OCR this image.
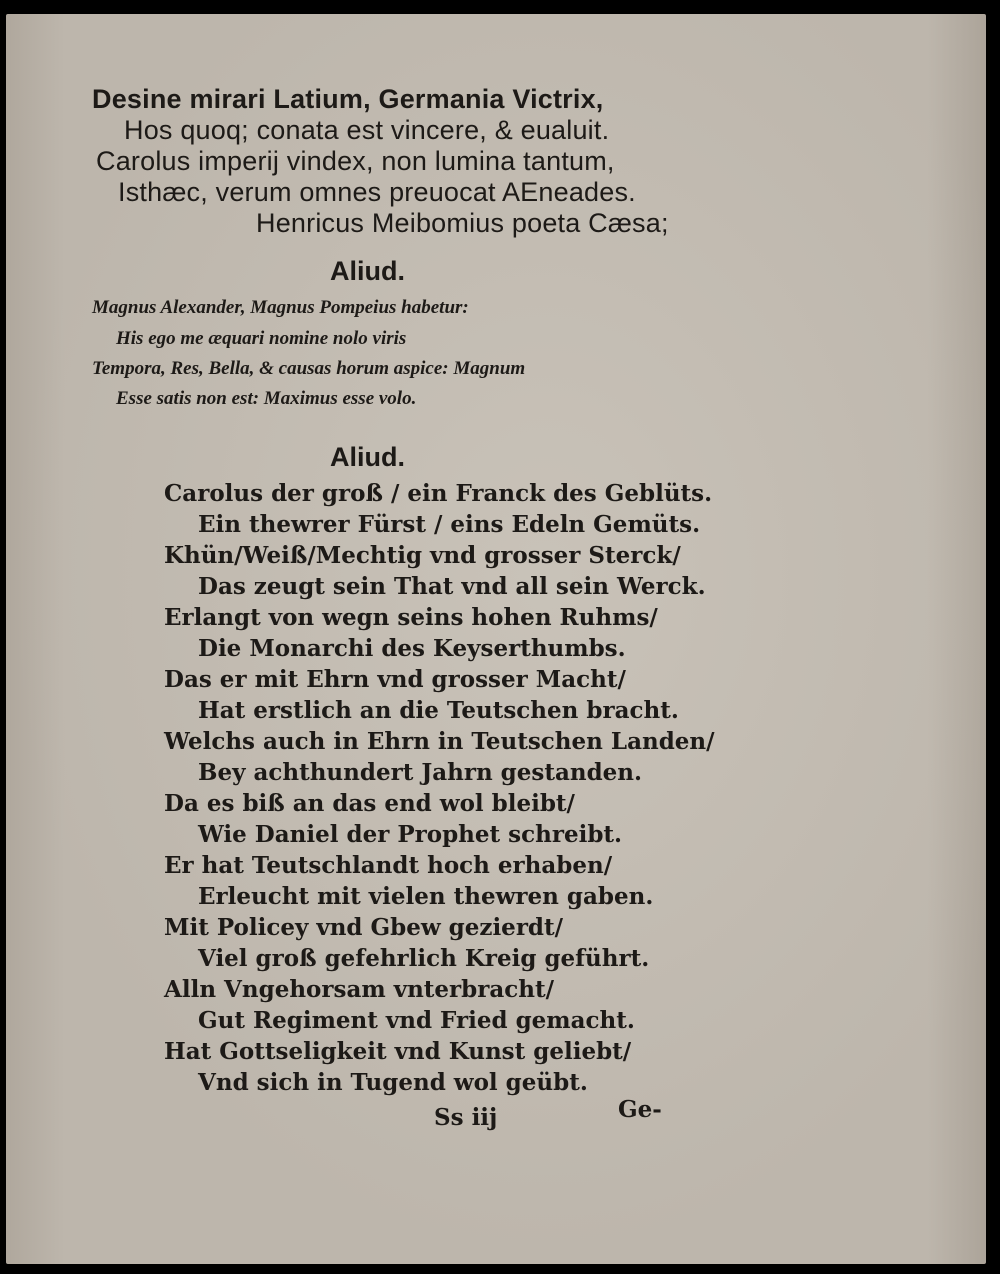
Desine mirari Latium, Germania Victrix,
Hos quoq; conata est vincere, & eualuit.
Carolus imperij vindex, non lumina tantum,
Isthæc, verum omnes preuocat AEneades.
Henricus Meibomius poeta Cæsa;
Aliud.
Magnus Alexander, Magnus Pompeius habetur:
His ego me æquari nomine nolo viris
Tempora, Res, Bella, & causas horum aspice: Magnum
Esse satis non est: Maximus esse volo.
Aliud.
Carolus der groß / ein Franck des Geblüts.
Ein thewrer Fürst / eins Edeln Gemüts.
Khün/Weiß/Mechtig vnd grosser Sterck/
Das zeugt sein That vnd all sein Werck.
Erlangt von wegn seins hohen Ruhms/
Die Monarchi des Keyserthumbs.
Das er mit Ehrn vnd grosser Macht/
Hat erstlich an die Teutschen bracht.
Welchs auch in Ehrn in Teutschen Landen/
Bey achthundert Jahrn gestanden.
Da es biß an das end wol bleibt/
Wie Daniel der Prophet schreibt.
Er hat Teutschlandt hoch erhaben/
Erleucht mit vielen thewren gaben.
Mit Policey vnd Gbew gezierdt/
Viel groß gefehrlich Kreig geführt.
Alln Vngehorsam vnterbracht/
Gut Regiment vnd Fried gemacht.
Hat Gottseligkeit vnd Kunst geliebt/
Vnd sich in Tugend wol geübt.
Ss iij	Ge-
